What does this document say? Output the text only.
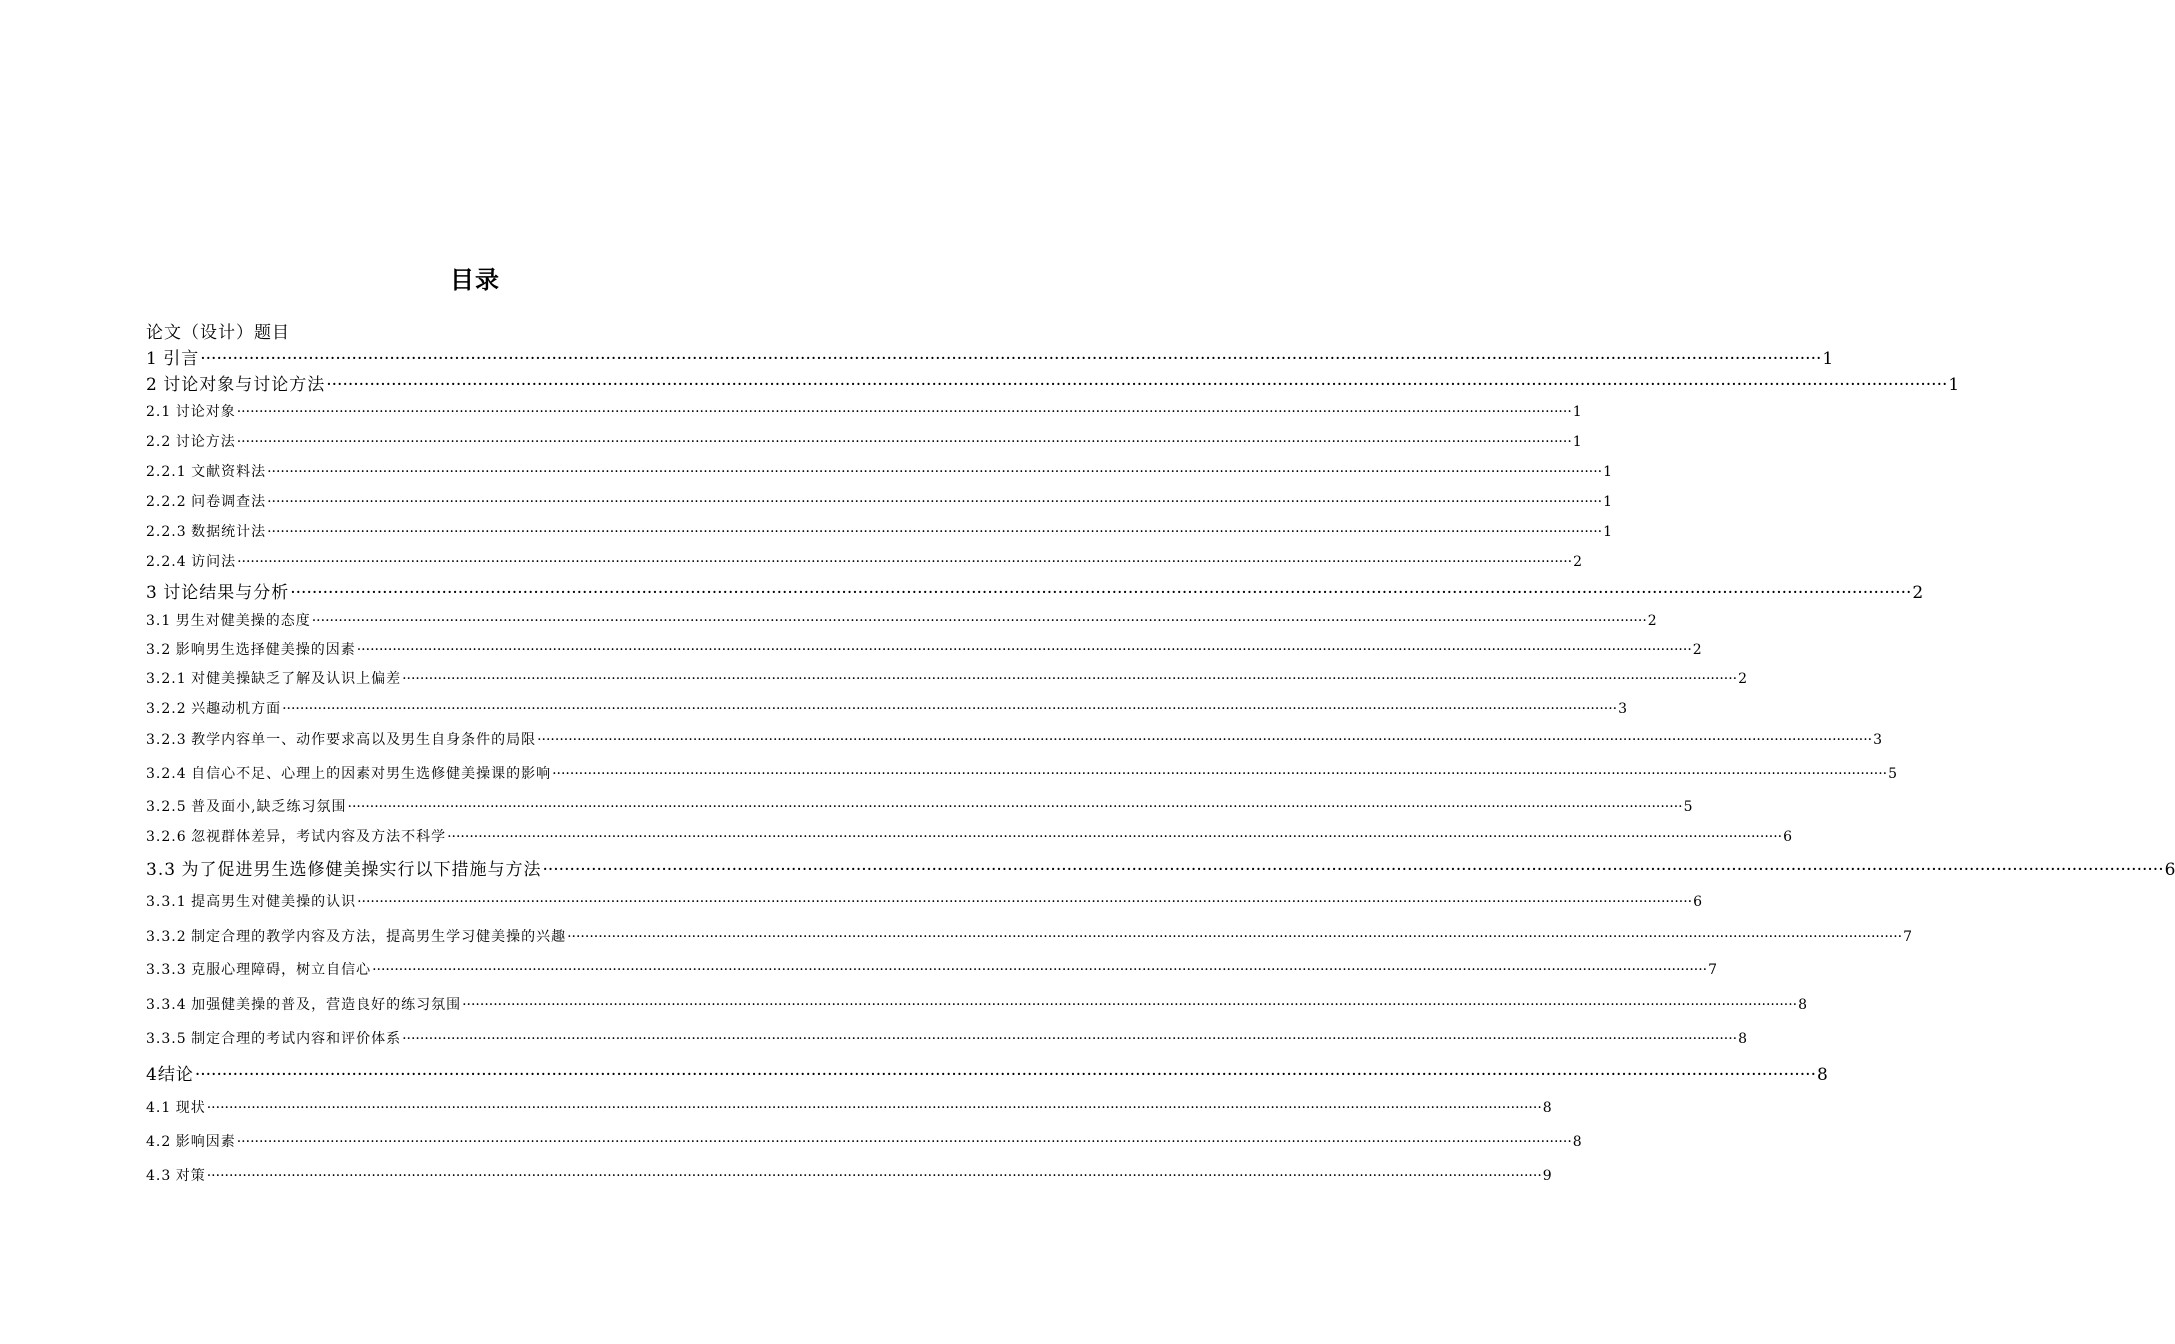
目录
论文（设计）题目
1 引言 ············································································································································································································································································································ 1
2 讨论对象与讨论方法 ············································································································································································································································································································ 1
2.1 讨论对象 ············································································································································································································································································································ 1
2.2 讨论方法 ············································································································································································································································································································ 1
2.2.1 文献资料法 ············································································································································································································································································································ 1
2.2.2 问卷调查法 ············································································································································································································································································································ 1
2.2.3 数据统计法 ············································································································································································································································································································ 1
2.2.4 访问法 ············································································································································································································································································································ 2
3 讨论结果与分析 ············································································································································································································································································································ 2
3.1 男生对健美操的态度 ············································································································································································································································································································ 2
3.2 影响男生选择健美操的因素 ············································································································································································································································································································ 2
3.2.1 对健美操缺乏了解及认识上偏差 ············································································································································································································································································································ 2
3.2.2 兴趣动机方面 ············································································································································································································································································································ 3
3.2.3 教学内容单一、动作要求高以及男生自身条件的局限 ············································································································································································································································································································ 3
3.2.4 自信心不足、心理上的因素对男生选修健美操课的影响 ············································································································································································································································································································ 5
3.2.5 普及面小,缺乏练习氛围 ············································································································································································································································································································ 5
3.2.6 忽视群体差异，考试内容及方法不科学 ············································································································································································································································································································ 6
3.3 为了促进男生选修健美操实行以下措施与方法 ············································································································································································································································································································ 6
3.3.1 提高男生对健美操的认识 ············································································································································································································································································································ 6
3.3.2 制定合理的教学内容及方法，提高男生学习健美操的兴趣 ············································································································································································································································································································ 7
3.3.3 克服心理障碍，树立自信心 ············································································································································································································································································································ 7
3.3.4 加强健美操的普及，营造良好的练习氛围 ············································································································································································································································································································ 8
3.3.5 制定合理的考试内容和评价体系 ············································································································································································································································································································ 8
4结论 ············································································································································································································································································································ 8
4.1 现状 ············································································································································································································································································································ 8
4.2 影响因素 ············································································································································································································································································································ 8
4.3 对策 ············································································································································································································································································································ 9
